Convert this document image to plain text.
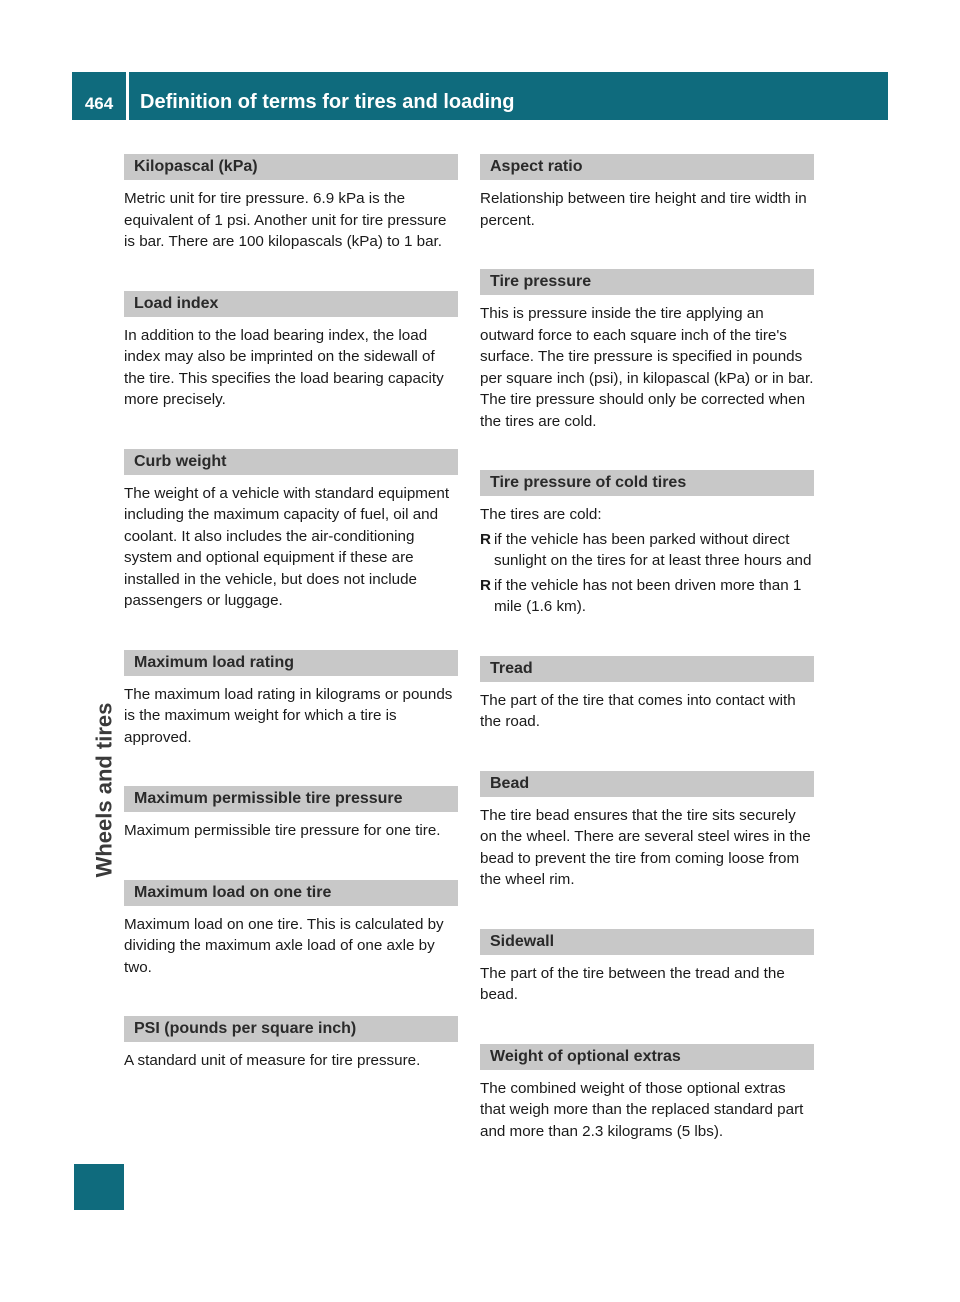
464	Definition of terms for tires and loading
Wheels and tires
Kilopascal (kPa)
Metric unit for tire pressure. 6.9 kPa is the equivalent of 1 psi. Another unit for tire pressure is bar. There are 100 kilopascals (kPa) to 1 bar.
Load index
In addition to the load bearing index, the load index may also be imprinted on the sidewall of the tire. This specifies the load bearing capacity more precisely.
Curb weight
The weight of a vehicle with standard equipment including the maximum capacity of fuel, oil and coolant. It also includes the air-conditioning system and optional equipment if these are installed in the vehicle, but does not include passengers or luggage.
Maximum load rating
The maximum load rating in kilograms or pounds is the maximum weight for which a tire is approved.
Maximum permissible tire pressure
Maximum permissible tire pressure for one tire.
Maximum load on one tire
Maximum load on one tire. This is calculated by dividing the maximum axle load of one axle by two.
PSI (pounds per square inch)
A standard unit of measure for tire pressure.
Aspect ratio
Relationship between tire height and tire width in percent.
Tire pressure
This is pressure inside the tire applying an outward force to each square inch of the tire's surface. The tire pressure is specified in pounds per square inch (psi), in kilopascal (kPa) or in bar. The tire pressure should only be corrected when the tires are cold.
Tire pressure of cold tires
The tires are cold:
R if the vehicle has been parked without direct sunlight on the tires for at least three hours and
R if the vehicle has not been driven more than 1 mile (1.6 km).
Tread
The part of the tire that comes into contact with the road.
Bead
The tire bead ensures that the tire sits securely on the wheel. There are several steel wires in the bead to prevent the tire from coming loose from the wheel rim.
Sidewall
The part of the tire between the tread and the bead.
Weight of optional extras
The combined weight of those optional extras that weigh more than the replaced standard part and more than 2.3 kilograms (5 lbs).
